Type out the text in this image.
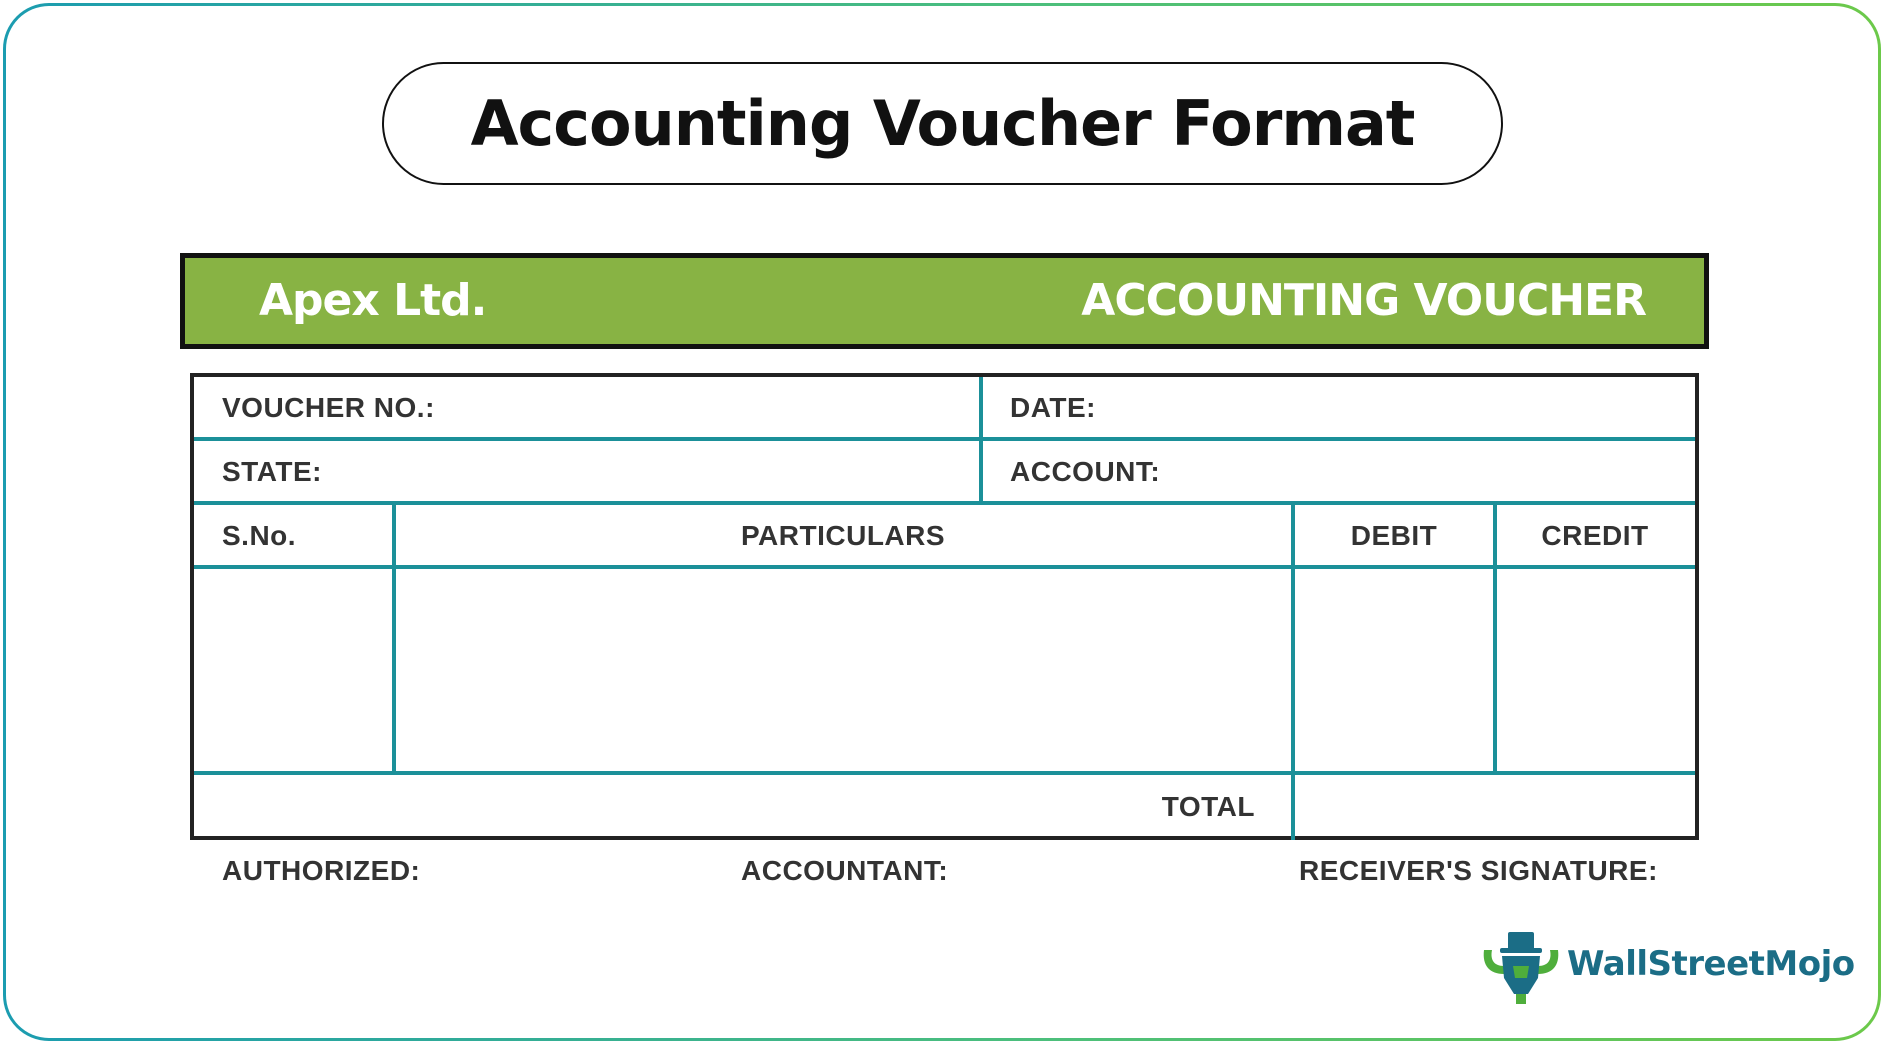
Accounting Voucher Format
Apex Ltd.	ACCOUNTING VOUCHER
VOUCHER NO.:	DATE:
STATE:	ACCOUNT:
S.No.	PARTICULARS	DEBIT	CREDIT
TOTAL
AUTHORIZED:	ACCOUNTANT:	RECEIVER'S SIGNATURE:
WallStreetMojo
